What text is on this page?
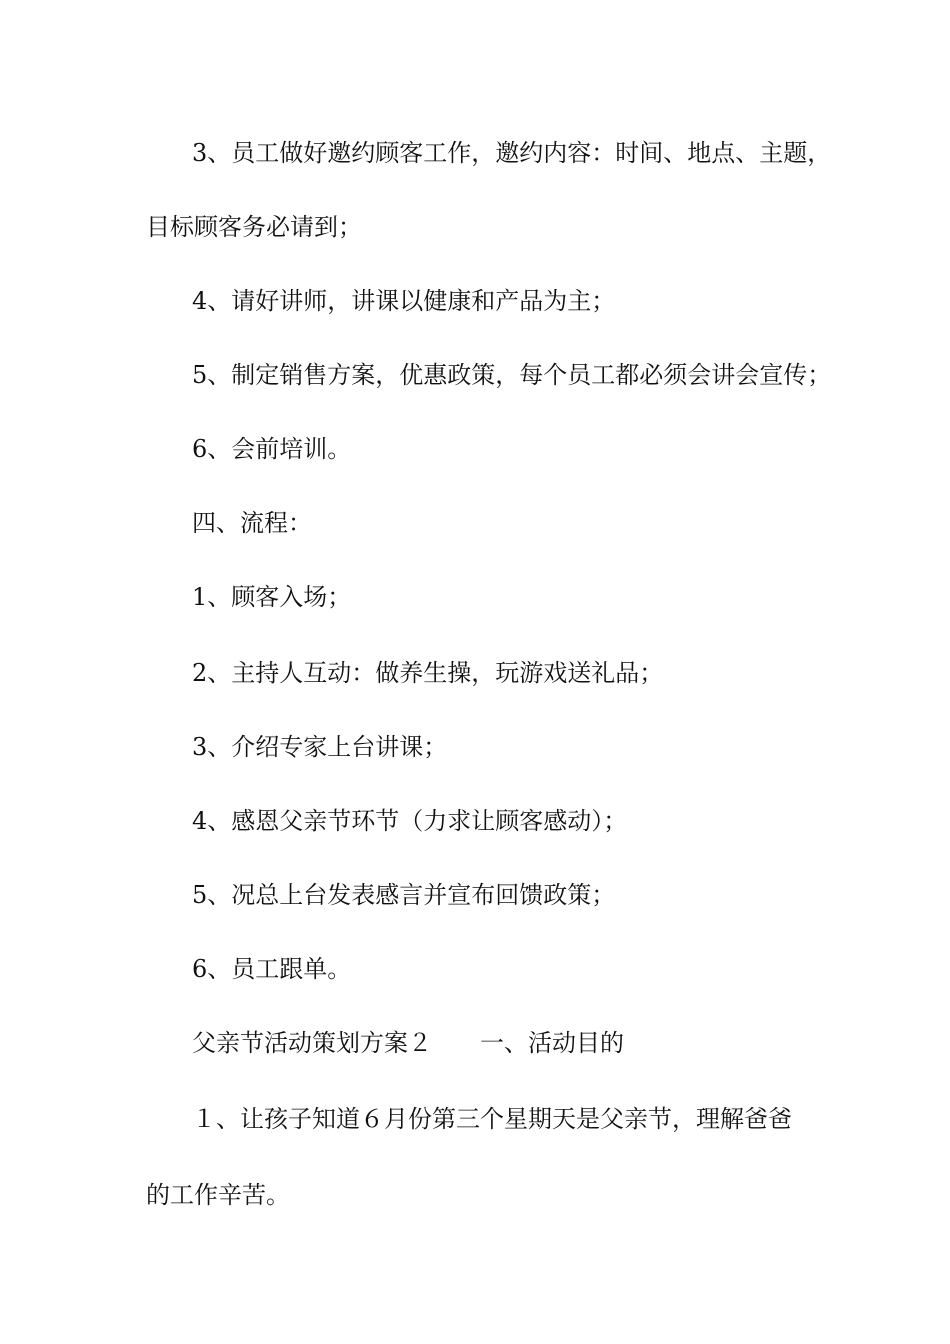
3、员工做好邀约顾客工作，邀约内容：时间、地点、主题，

目标顾客务必请到；

4、请好讲师，讲课以健康和产品为主；

5、制定销售方案，优惠政策，每个员工都必须会讲会宣传；

6、会前培训。

四、流程：

1、顾客入场；

2、主持人互动：做养生操，玩游戏送礼品；

3、介绍专家上台讲课；

4、感恩父亲节环节（力求让顾客感动）；

5、况总上台发表感言并宣布回馈政策；

6、员工跟单。

父亲节活动策划方案２　　一、活动目的

１、让孩子知道６月份第三个星期天是父亲节，理解爸爸

的工作辛苦。
